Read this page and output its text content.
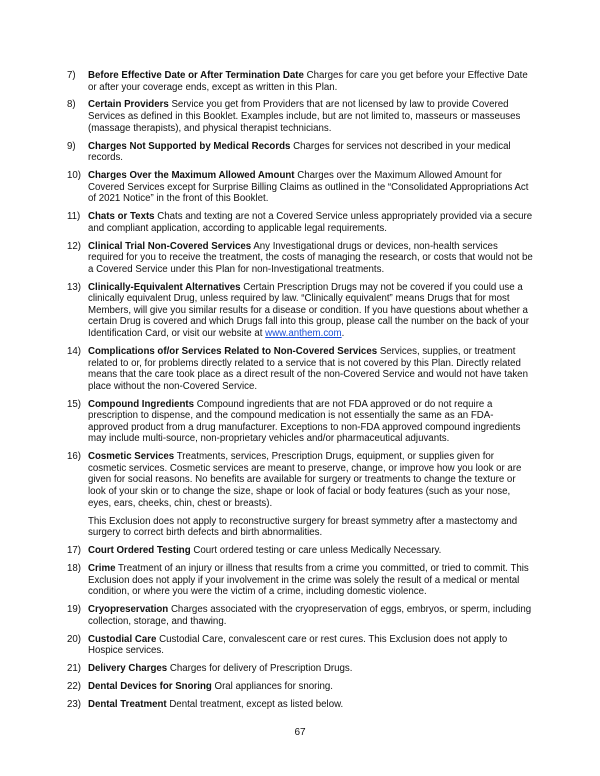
7)	Before Effective Date or After Termination Date Charges for care you get before your Effective Date or after your coverage ends, except as written in this Plan.
8)	Certain Providers Service you get from Providers that are not licensed by law to provide Covered Services as defined in this Booklet. Examples include, but are not limited to, masseurs or masseuses (massage therapists), and physical therapist technicians.
9)	Charges Not Supported by Medical Records Charges for services not described in your medical records.
10) Charges Over the Maximum Allowed Amount Charges over the Maximum Allowed Amount for Covered Services except for Surprise Billing Claims as outlined in the “Consolidated Appropriations Act of 2021 Notice” in the front of this Booklet.
11) Chats or Texts Chats and texting are not a Covered Service unless appropriately provided via a secure and compliant application, according to applicable legal requirements.
12) Clinical Trial Non-Covered Services Any Investigational drugs or devices, non-health services required for you to receive the treatment, the costs of managing the research, or costs that would not be a Covered Service under this Plan for non-Investigational treatments.
13) Clinically-Equivalent Alternatives Certain Prescription Drugs may not be covered if you could use a clinically equivalent Drug, unless required by law. “Clinically equivalent” means Drugs that for most Members, will give you similar results for a disease or condition. If you have questions about whether a certain Drug is covered and which Drugs fall into this group, please call the number on the back of your Identification Card, or visit our website at www.anthem.com.
14) Complications of/or Services Related to Non-Covered Services Services, supplies, or treatment related to or, for problems directly related to a service that is not covered by this Plan. Directly related means that the care took place as a direct result of the non-Covered Service and would not have taken place without the non-Covered Service.
15) Compound Ingredients Compound ingredients that are not FDA approved or do not require a prescription to dispense, and the compound medication is not essentially the same as an FDA-approved product from a drug manufacturer. Exceptions to non-FDA approved compound ingredients may include multi-source, non-proprietary vehicles and/or pharmaceutical adjuvants.
16) Cosmetic Services Treatments, services, Prescription Drugs, equipment, or supplies given for cosmetic services. Cosmetic services are meant to preserve, change, or improve how you look or are given for social reasons. No benefits are available for surgery or treatments to change the texture or look of your skin or to change the size, shape or look of facial or body features (such as your nose, eyes, ears, cheeks, chin, chest or breasts).
This Exclusion does not apply to reconstructive surgery for breast symmetry after a mastectomy and surgery to correct birth defects and birth abnormalities.
17) Court Ordered Testing Court ordered testing or care unless Medically Necessary.
18) Crime Treatment of an injury or illness that results from a crime you committed, or tried to commit. This Exclusion does not apply if your involvement in the crime was solely the result of a medical or mental condition, or where you were the victim of a crime, including domestic violence.
19) Cryopreservation Charges associated with the cryopreservation of eggs, embryos, or sperm, including collection, storage, and thawing.
20) Custodial Care Custodial Care, convalescent care or rest cures. This Exclusion does not apply to Hospice services.
21) Delivery Charges Charges for delivery of Prescription Drugs.
22) Dental Devices for Snoring Oral appliances for snoring.
23) Dental Treatment Dental treatment, except as listed below.
67
